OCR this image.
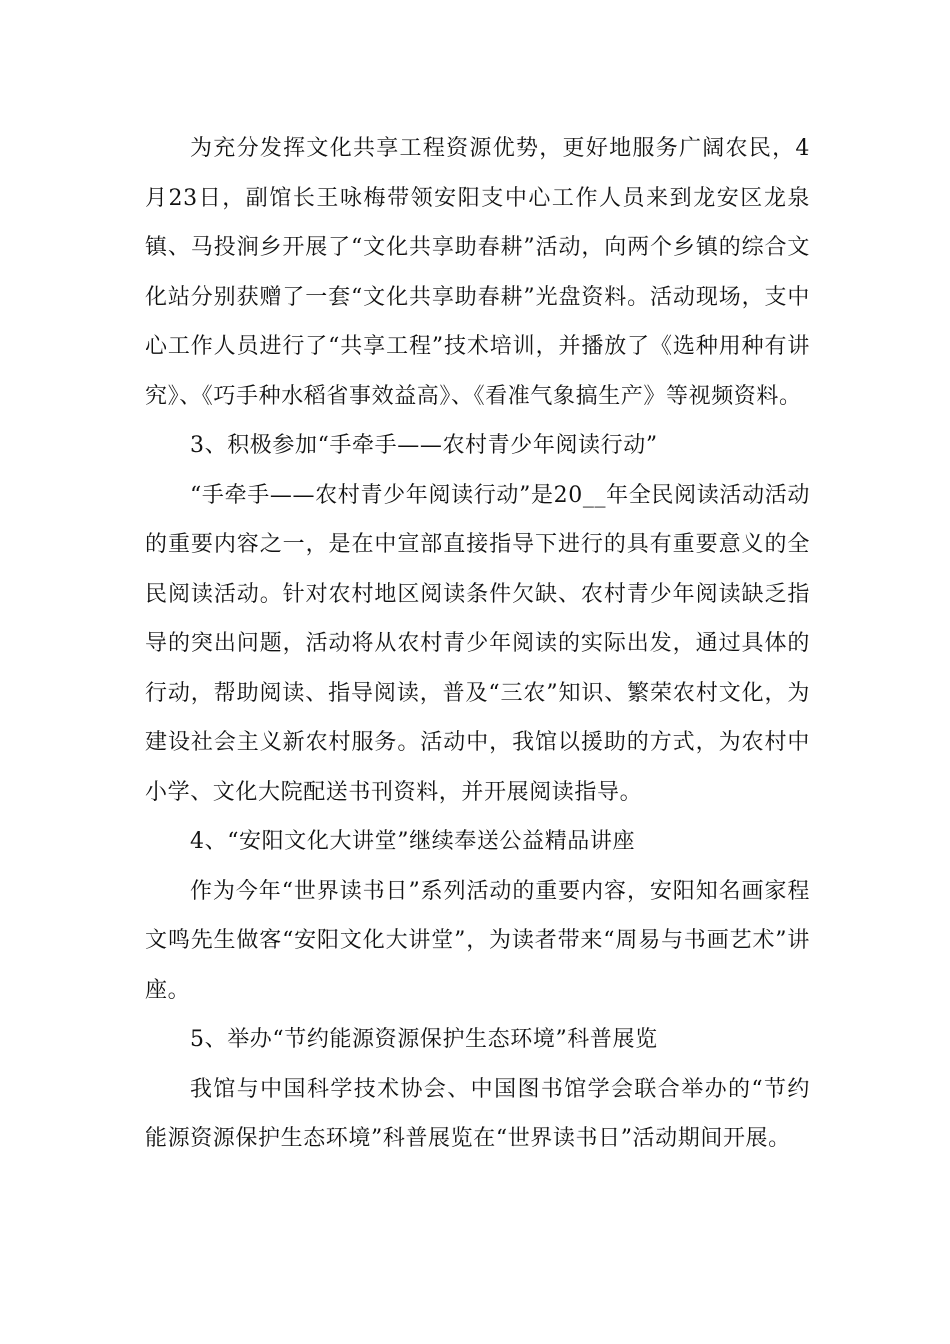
为充分发挥文化共享工程资源优势，更好地服务广阔农民，4月23日，副馆长王咏梅带领安阳支中心工作人员来到龙安区龙泉镇、马投涧乡开展了“文化共享助春耕”活动，向两个乡镇的综合文化站分别获赠了一套“文化共享助春耕”光盘资料。活动现场，支中心工作人员进行了“共享工程”技术培训，并播放了《选种用种有讲究》、《巧手种水稻省事效益高》、《看准气象搞生产》等视频资料。

3、积极参加“手牵手——农村青少年阅读行动”

“手牵手——农村青少年阅读行动”是20__年全民阅读活动活动的重要内容之一，是在中宣部直接指导下进行的具有重要意义的全民阅读活动。针对农村地区阅读条件欠缺、农村青少年阅读缺乏指导的突出问题，活动将从农村青少年阅读的实际出发，通过具体的行动，帮助阅读、指导阅读，普及“三农”知识、繁荣农村文化，为建设社会主义新农村服务。活动中，我馆以援助的方式，为农村中小学、文化大院配送书刊资料，并开展阅读指导。

4、“安阳文化大讲堂”继续奉送公益精品讲座

作为今年“世界读书日”系列活动的重要内容，安阳知名画家程文鸣先生做客“安阳文化大讲堂”，为读者带来“周易与书画艺术”讲座。

5、举办“节约能源资源保护生态环境”科普展览

我馆与中国科学技术协会、中国图书馆学会联合举办的“节约能源资源保护生态环境”科普展览在“世界读书日”活动期间开展。
